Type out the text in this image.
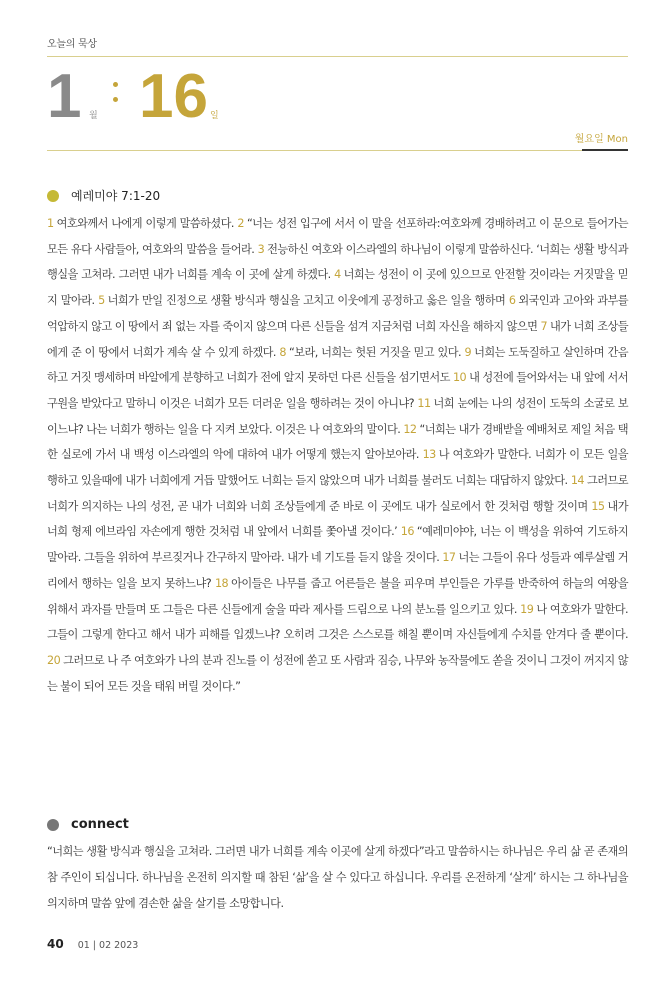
오늘의 묵상
1 월 16 일
월요일 Mon
예레미야 7:1-20

1 여호와께서 나에게 이렇게 말씀하셨다. 2 “너는 성전 입구에 서서 이 말을 선포하라:여호와께 경배하려고 이 문으로 들어가는 모든 유다 사람들아, 여호와의 말씀을 들어라. 3 전능하신 여호와 이스라엘의 하나님이 이렇게 말씀하신다. ‘너희는 생활 방식과 행실을 고쳐라. 그러면 내가 너희를 계속 이 곳에 살게 하겠다. 4 너희는 성전이 이 곳에 있으므로 안전할 것이라는 거짓말을 믿지 말아라. 5 너희가 만일 진정으로 생활 방식과 행실을 고치고 이웃에게 공정하고 옳은 일을 행하며 6 외국인과 고아와 과부를 억압하지 않고 이 땅에서 죄 없는 자를 죽이지 않으며 다른 신들을 섬겨 지금처럼 너희 자신을 해하지 않으면 7 내가 너희 조상들에게 준 이 땅에서 너희가 계속 살 수 있게 하겠다. 8 “보라, 너희는 헛된 거짓을 믿고 있다. 9 너희는 도둑질하고 살인하며 간음하고 거짓 맹세하며 바알에게 분향하고 너희가 전에 알지 못하던 다른 신들을 섬기면서도 10 내 성전에 들어와서는 내 앞에 서서 구원을 받았다고 말하니 이것은 너희가 모든 더러운 일을 행하려는 것이 아니냐? 11 너희 눈에는 나의 성전이 도둑의 소굴로 보이느냐? 나는 너희가 행하는 일을 다 지켜 보았다. 이것은 나 여호와의 말이다. 12 “너희는 내가 경배받을 예배처로 제일 처음 택한 실로에 가서 내 백성 이스라엘의 악에 대하여 내가 어떻게 했는지 알아보아라. 13 나 여호와가 말한다. 너희가 이 모든 일을 행하고 있을때에 내가 너희에게 거듭 말했어도 너희는 듣지 않았으며 내가 너희를 불러도 너희는 대답하지 않았다. 14 그러므로 너희가 의지하는 나의 성전, 곧 내가 너희와 너희 조상들에게 준 바로 이 곳에도 내가 실로에서 한 것처럼 행할 것이며 15 내가 너희 형제 에브라임 자손에게 행한 것처럼 내 앞에서 너희를 쫓아낼 것이다.’ 16 “예레미야야, 너는 이 백성을 위하여 기도하지 말아라. 그들을 위하여 부르짖거나 간구하지 말아라. 내가 네 기도를 듣지 않을 것이다. 17 너는 그들이 유다 성들과 예루살렘 거리에서 행하는 일을 보지 못하느냐? 18 아이들은 나무를 줍고 어른들은 불을 피우며 부인들은 가루를 반죽하여 하늘의 여왕을 위해서 과자를 만들며 또 그들은 다른 신들에게 술을 따라 제사를 드림으로 나의 분노를 일으키고 있다. 19 나 여호와가 말한다. 그들이 그렇게 한다고 해서 내가 피해를 입겠느냐? 오히려 그것은 스스로를 해칠 뿐이며 자신들에게 수치를 안겨다 줄 뿐이다. 20 그러므로 나 주 여호와가 나의 분과 진노를 이 성전에 쏟고 또 사람과 짐승, 나무와 농작물에도 쏟을 것이니 그것이 꺼지지 않는 불이 되어 모든 것을 태워 버릴 것이다.”

connect

“너희는 생활 방식과 행실을 고쳐라. 그러면 내가 너희를 계속 이곳에 살게 하겠다”라고 말씀하시는 하나님은 우리 삶 곧 존재의 참 주인이 되십니다. 하나님을 온전히 의지할 때 참된 ‘삶’을 살 수 있다고 하십니다. 우리를 온전하게 ‘살게’ 하시는 그 하나님을 의지하며 말씀 앞에 겸손한 삶을 살기를 소망합니다.

40 01 | 02 2023
